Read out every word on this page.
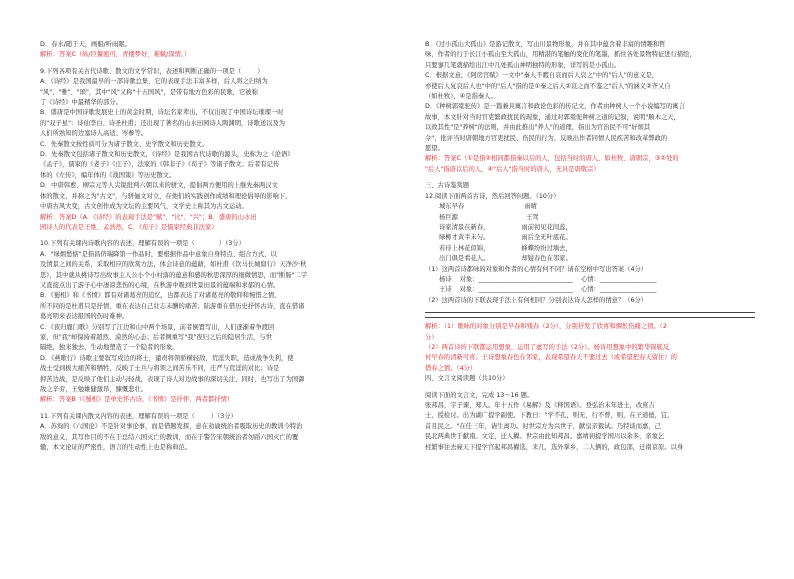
D．春水/随于天，画船/听雨眠。

解析：答案C（纵/巨鳌瓯可，青楼梦好，难赋/深情。）

9.下列各项有关古代诗歌、散文的文学常识，表述和判断正确的一项是（        ）

A．《诗经》是我国最早的一部诗歌总集，它的表现手法丰富多样，后人将之归纳为

"风"、"雅"、"颂"，其中"风"又称"十五国风"，是带有地方色彩的民歌，它被称

了《诗经》中最精华的部分。

B．盛唐是中国诗歌发展史上的黄金时期，诗坛名家辈出，不仅出现了中国诗坛璀璨一时

的"双子星"：诗仙李白、诗圣杜甫；还出现了著名的山水田园诗人陶渊明，诗歌送以及为

人们所熟知的边塞诗人高适、岑参等。

C．先秦散文按性质可分为诸子散文、史学散文和历史散文。

D．先秦散文包括诸子散文和历史散文，《诗经》是我国古代诗歌的源头，史称为之《论语》

《孟子》，儒家的《老子》《庄子》，法家的《韩非子》《荀子》等诸子散文；后者有记传

体的《左传》，编年体的《战国策》等历史散文。

D．中唐韩愈、柳宗元等人尖锐批判六朝以来的骈文，提倡两方便用的上继先秦两汉文

体的散文，并称之为"古文"，与骈俪文对立，在他们的实践创作成绩和理论倡导的影响下，

中唐古风大变，古文创作成为文坛的主要风气，文学史上称其为古文运动。

解析：答案D（A．《诗经》的表现手法是"赋"、"比"、"兴"；B．盛唐的山水田

园诗人的代表是王维、孟浩然，C．《荀子》是儒家经典非法家）

10.下列有关课内诗歌内容的表述，理解有误的一项是（            ）（3分）

A．"绿烟愁惦"是指昌侪瑞降第一作品时，要根据作品中意象自身特点、组合方式，以

及情景之间的关系，采取相应的欣赏方法，体会诗意的蕴藉，如杜甫《饮马长城窟行》天净沙·秋

思》，其中就从桃诗写出故事主人公小个小村落的蕴意和感的秋思深厚的细微情思，而"断肠"二字

又直接点出了游子心中凄凉悲伤的心境，在秋游中吸到世景田景的蕴端和求郁的心情。

B．《蜀相》和《书愤》都有对诸葛亮的追忆，也都表达了对诸葛亮的敬仰和惋惜之情，

所不同的是杜甫只是抒情，重在表达自己壮志未酬的痛苦；陆游重在借历史抒怀古诗，直在借诸

葛亮明来表达报国的伤时难神。

C．《夜归鹿门歌》分别写了江边和山中两个场景，前者倒置写出，人们逐渐着争渡回

家，但"我"却保持着超然、漠然的心态；后者侧重写"我"夜归之后的隐居生活，与世

隔绝，独来独去，生动地塑造了一个隐者的形象。

D．《燕歌行》诗歌主要叙写戍边的将士，谴责将领骄横轻敌，荒淫失职，造成战争失利，使

战士受到极大痛苦和牺牲，反映了士兵与将领之间苦乐不同，庄严与荒淫的对比；诗是

抑苦边战，是反映了他们主动与轻战，表现了诗人对边战事的深切关注，同时，也写出了为国御

敌之辛劳，王勉雄健激昂，慷慨悲壮。

解析：答案B（《蜀相》是单史怀古诗，《书愤》是抒怀，两者都抒情）

11.下列有关课内散文内容的表述，理解有误的一项是（        ）（3分）

A．苏洵的《六国论》不是针对事论事，而是借题发挥，意在劝谕统治者吸取历史的教训今特治

敌的意义，其写作目的不在于总结六国灭亡的教训，而在于警告宋朝统治者勿蹈六国灭亡的覆

辙，本文论证的严密性，语言的生动性上也是称典范。

B．《过小孤山大孤山》是游记散文，写山川景物形象，并在其中蕴含着丰富的情趣和哲

味，作者的行于长江小孤山至大孤山，用精湛的笔触的变化的笔墨，抓住各处景物特征进行描绘，

只要寥几笔就描绘出江中几处孤山神明独特的形象，详写的是小孤山。

C．根据文意，《阿房宫赋》一文中"秦人不暇自哀而后人哀之"中的"后人"的意义是，

亦使后人复哀后人也"中的"后人"指的是①秦之后人②哀之而不鉴之"后人"的涵义②齐又自

（如杜牧），④是指秦人。

D．《种树郭橐驼传》是一篇兼具寓言和政论色彩的传记文，作者由种树人一个小说编写的寓言

故事，本文针对当时官吏繁政扰民的现象，通过对郭橐驼种树之道的记叙，说明"顺木之天，

以致其性"是"养树"的法则，并由此推出"养人"的道理，指出为官治民不可"好烦其

令"，批评当时唐朝地方官吏扰民、伤民的行为，反映出作者同情人民疾苦和改革弊政的

愿望。

解析：答案C（①是指②相同都指秦以后的人，包括当时的唐人，如杜牧、唐朝宗，③②处的

"后人"指唐以后的人，④"后人"指当时的唐人，无具是唐敬宗）

三、古诗鉴赏题

12.阅读下面两首古诗，然后回答问题。（10分）

城东早春                              雨晴

杨巨源                                  王驾

诗家清景在新春，                雨前初见花间蕊，

绿柳才黄半未匀。                雨后全无叶底花。

若待上林花似锦，                蜂蝶纷纷过墙去，

出门俱是看花人。                却疑春色在邻家。

（1）这两首诗都咏的对象和作者的心情有何不同？请在空格中写出答案（4分）

杨诗    对象：______________________________    心情：__________________

王诗    对象：______________________________    心情：__________________

（2）这两首诗的下联表现手法上有何相同？分别表达诗人怎样的情意？（6分）

解析：（1）歌咏的对象分别是早春和残春（2分），分别抒发了欣喜和惆怅伤痛之情。（2

分）

（2）两首诗的下联都运用想象，运用了虚写的手法（2分）。杨诗用想象中的繁华锦簇反

衬早春的清新可喜；王诗想象春色在邻家，表现希望春天不要过去（或希望把春天留住）的

惜春之情。（4分）

四、文言文阅读题（共10分）

阅读下面的文言文，完成 13～16 题。

张邦昌，字子谏，郑人。年十五作《易解》及《释国语》。登弘治末年进士，改庶吉

士，授检讨。出为湖广提学副使。下教曰："学不孔，则无，行不曾，则，在王道德，宜，

首且民之。"在任三年，请生离功。时世宗方为兴世子，献皇亲毅试。乃特谈而嘉，己

民北两典世于献南。文定，迁人擢。世宗由此知邦昌。嘉靖初提学国川以余多，亲象乞

柱繁事往去窥天下提学宫起邦昌擢选，耒几，选外掌乡，二人俩的，政包部，迁南京原。以身
